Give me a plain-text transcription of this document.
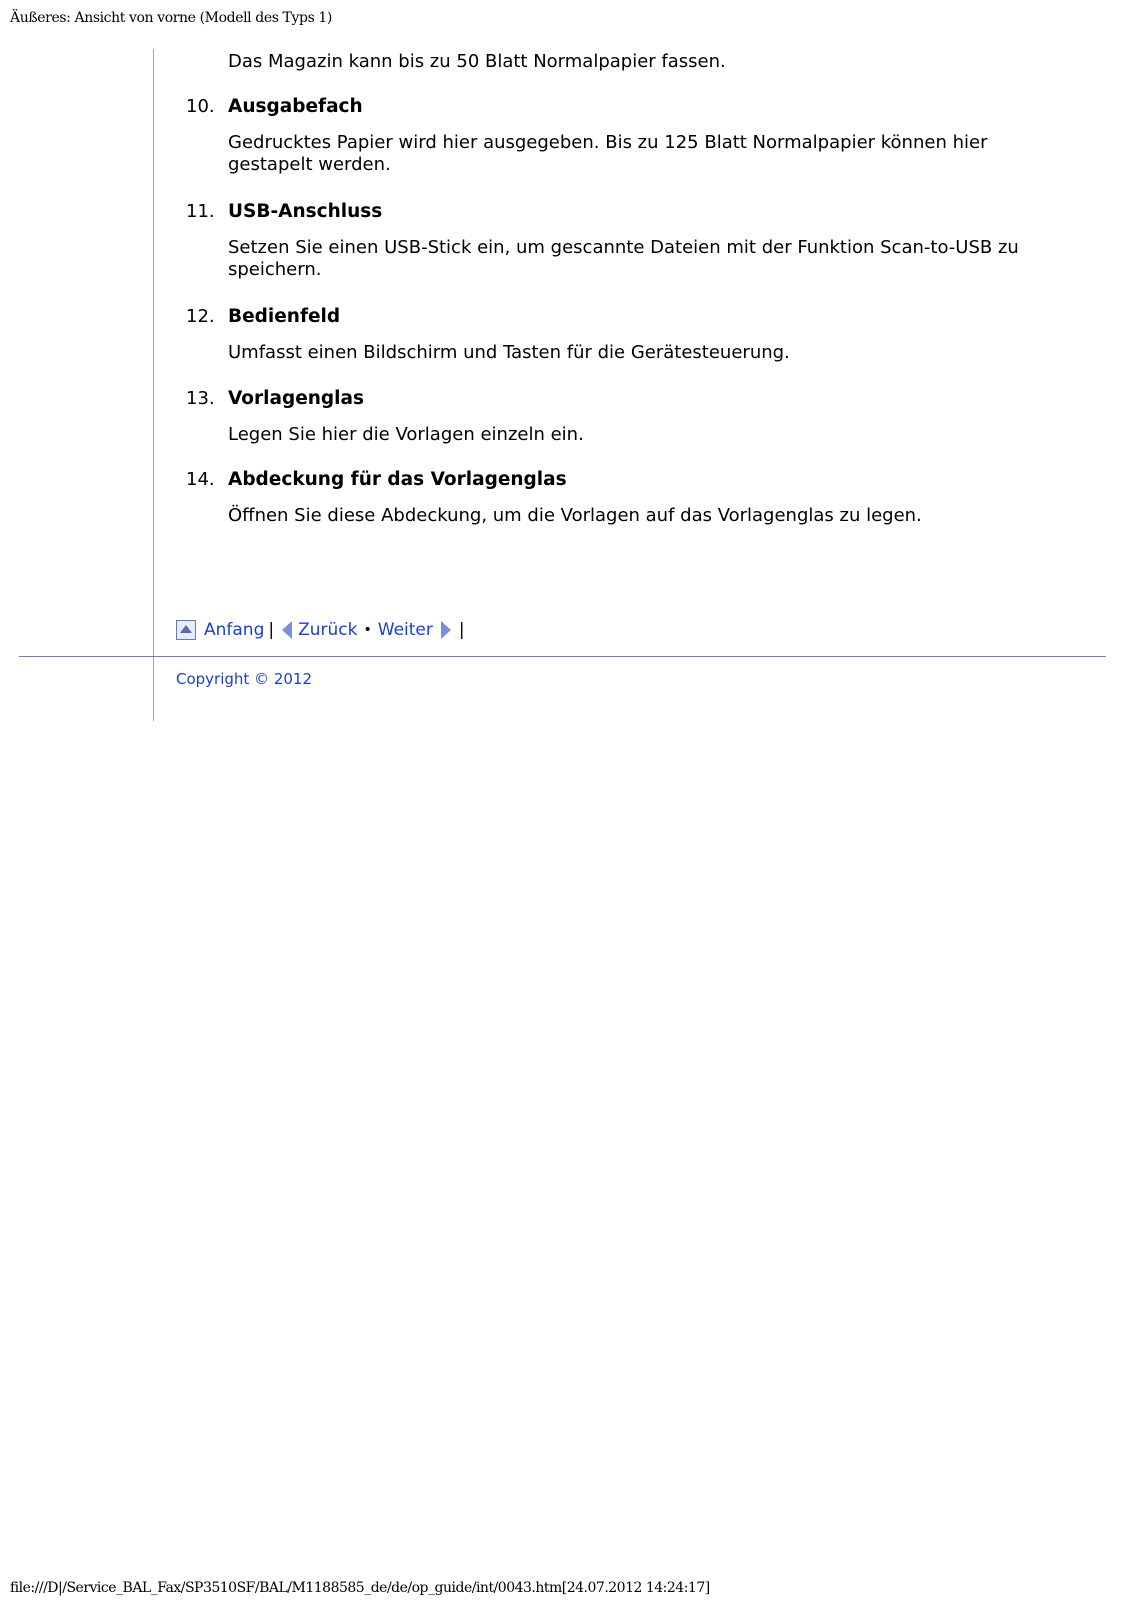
Äußeres: Ansicht von vorne (Modell des Typs 1)
Das Magazin kann bis zu 50 Blatt Normalpapier fassen.
10. Ausgabefach
Gedrucktes Papier wird hier ausgegeben. Bis zu 125 Blatt Normalpapier können hier gestapelt werden.
11. USB-Anschluss
Setzen Sie einen USB-Stick ein, um gescannte Dateien mit der Funktion Scan-to-USB zu speichern.
12. Bedienfeld
Umfasst einen Bildschirm und Tasten für die Gerätesteuerung.
13. Vorlagenglas
Legen Sie hier die Vorlagen einzeln ein.
14. Abdeckung für das Vorlagenglas
Öffnen Sie diese Abdeckung, um die Vorlagen auf das Vorlagenglas zu legen.
Anfang | Zurück • Weiter |
Copyright © 2012
file:///D|/Service_BAL_Fax/SP3510SF/BAL/M1188585_de/de/op_guide/int/0043.htm[24.07.2012 14:24:17]
